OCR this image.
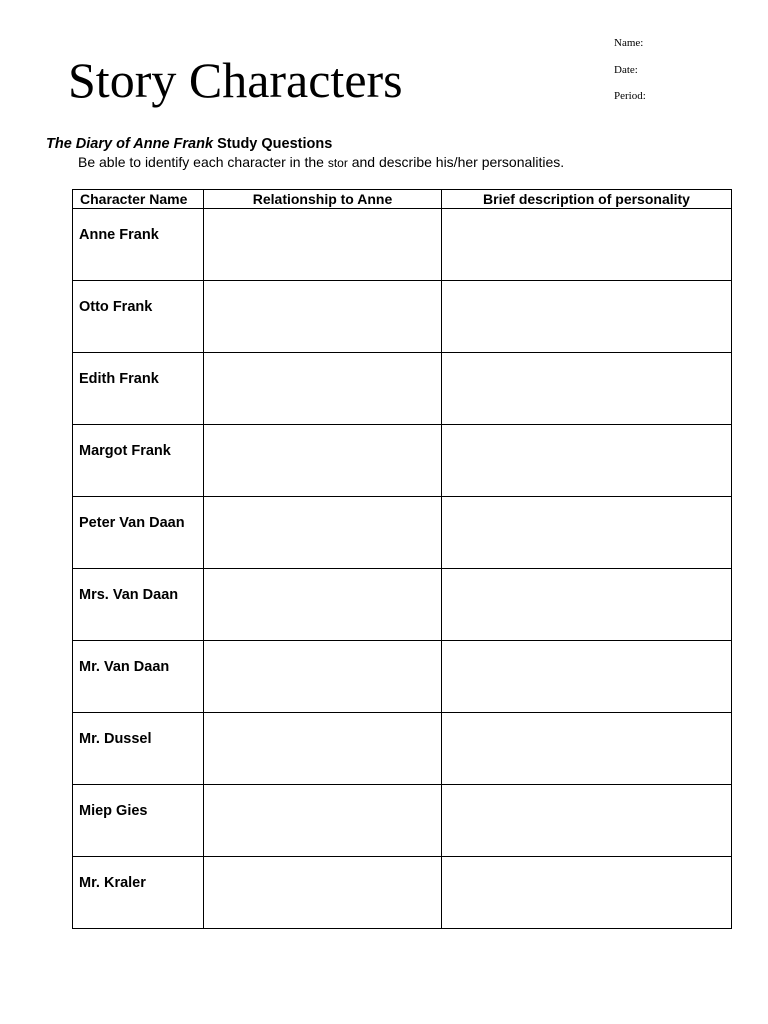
Story Characters
Name:
Date:
Period:
The Diary of Anne Frank Study Questions
Be able to identify each character in the stor and describe his/her personalities.
Character Name	Relationship to Anne	Brief description of personality
Anne Frank		
Otto Frank		
Edith Frank		
Margot Frank		
Peter Van Daan		
Mrs. Van Daan		
Mr. Van Daan		
Mr. Dussel		
Miep Gies		
Mr. Kraler		
